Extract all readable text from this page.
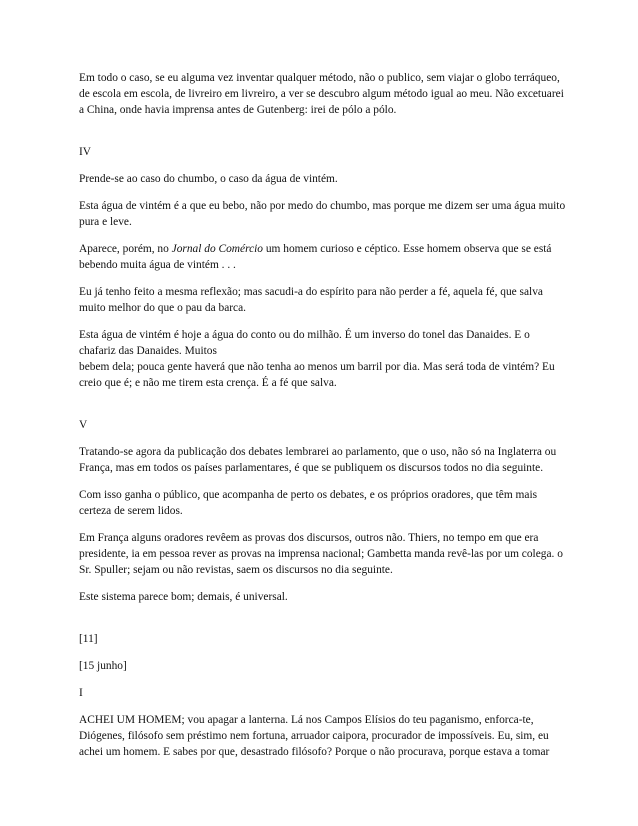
Em todo o caso, se eu alguma vez inventar qualquer método, não o publico, sem viajar o globo terráqueo, de escola em escola, de livreiro em livreiro, a ver se descubro algum método igual ao meu. Não excetuarei a China, onde havia imprensa antes de Gutenberg: irei de pólo a pólo.

IV

Prende-se ao caso do chumbo, o caso da água de vintém.

Esta água de vintém é a que eu bebo, não por medo do chumbo, mas porque me dizem ser uma água muito pura e leve.

Aparece, porém, no Jornal do Comércio um homem curioso e céptico. Esse homem observa que se está bebendo muita água de vintém . . .

Eu já tenho feito a mesma reflexão; mas sacudi-a do espírito para não perder a fé, aquela fé, que salva muito melhor do que o pau da barca.

Esta água de vintém é hoje a água do conto ou do milhão. É um inverso do tonel das Danaides. E o chafariz das Danaides. Muitos
bebem dela; pouca gente haverá que não tenha ao menos um barril por dia. Mas será toda de vintém? Eu creio que é; e não me tirem esta crença. É a fé que salva.

V

Tratando-se agora da publicação dos debates lembrarei ao parlamento, que o uso, não só na Inglaterra ou França, mas em todos os países parlamentares, é que se publiquem os discursos todos no dia seguinte.

Com isso ganha o público, que acompanha de perto os debates, e os próprios oradores, que têm mais certeza de serem lidos.

Em França alguns oradores revêem as provas dos discursos, outros não. Thiers, no tempo em que era presidente, ia em pessoa rever as provas na imprensa nacional; Gambetta manda revê-las por um colega. o Sr. Spuller; sejam ou não revistas, saem os discursos no dia seguinte.

Este sistema parece bom; demais, é universal.

[11]

[15 junho]

I

ACHEI UM HOMEM; vou apagar a lanterna. Lá nos Campos Elísios do teu paganismo, enforca-te, Diógenes, filósofo sem préstimo nem fortuna, arruador caipora, procurador de impossíveis. Eu, sim, eu achei um homem. E sabes por que, desastrado filósofo? Porque o não procurava, porque estava a tomar
